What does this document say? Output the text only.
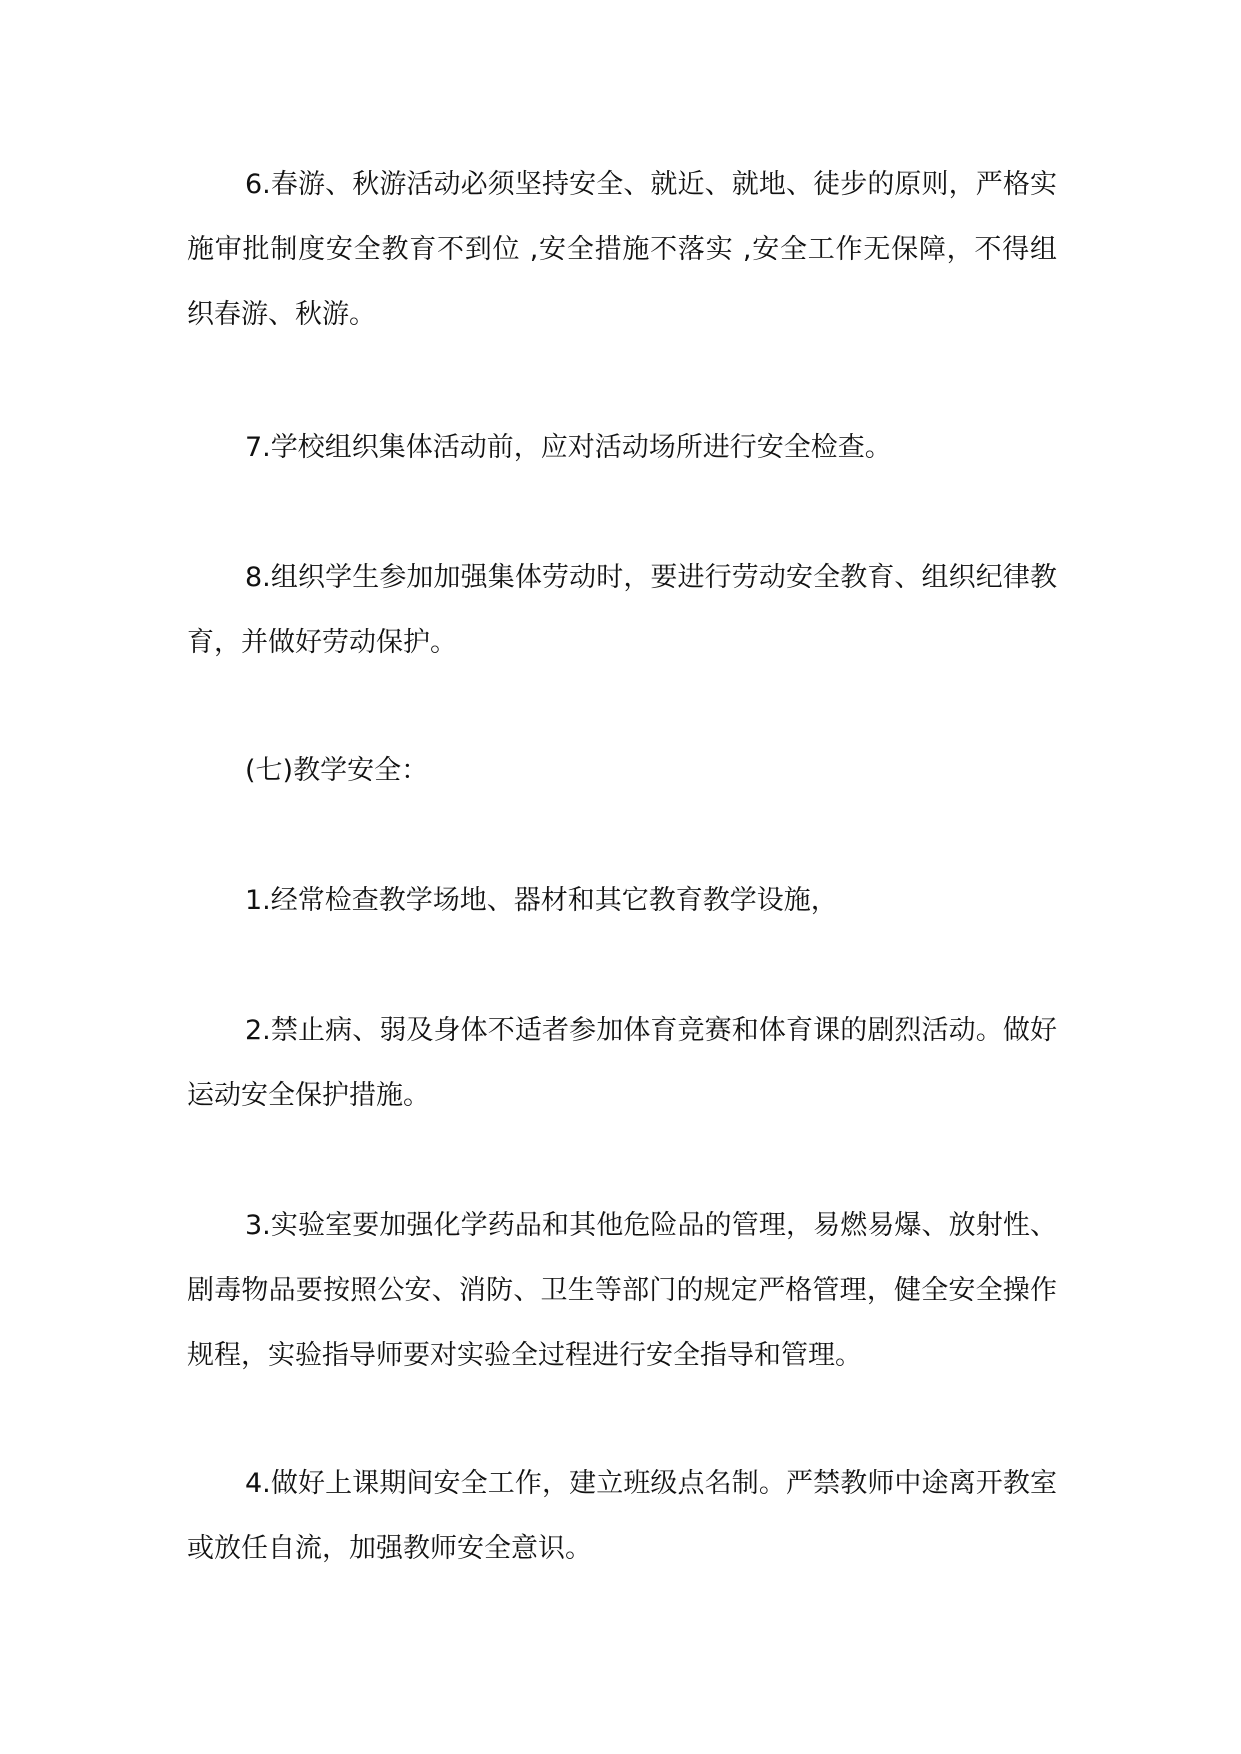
6.春游、秋游活动必须坚持安全、就近、就地、徒步的原则，严格实施审批制度安全教育不到位 ,安全措施不落实 ,安全工作无保障，不得组织春游、秋游。

7.学校组织集体活动前，应对活动场所进行安全检查。

8.组织学生参加加强集体劳动时，要进行劳动安全教育、组织纪律教育，并做好劳动保护。

(七)教学安全：

1.经常检查教学场地、器材和其它教育教学设施，

2.禁止病、弱及身体不适者参加体育竞赛和体育课的剧烈活动。做好运动安全保护措施。

3.实验室要加强化学药品和其他危险品的管理，易燃易爆、放射性、剧毒物品要按照公安、消防、卫生等部门的规定严格管理，健全安全操作规程，实验指导师要对实验全过程进行安全指导和管理。

4.做好上课期间安全工作，建立班级点名制。严禁教师中途离开教室或放任自流，加强教师安全意识。
